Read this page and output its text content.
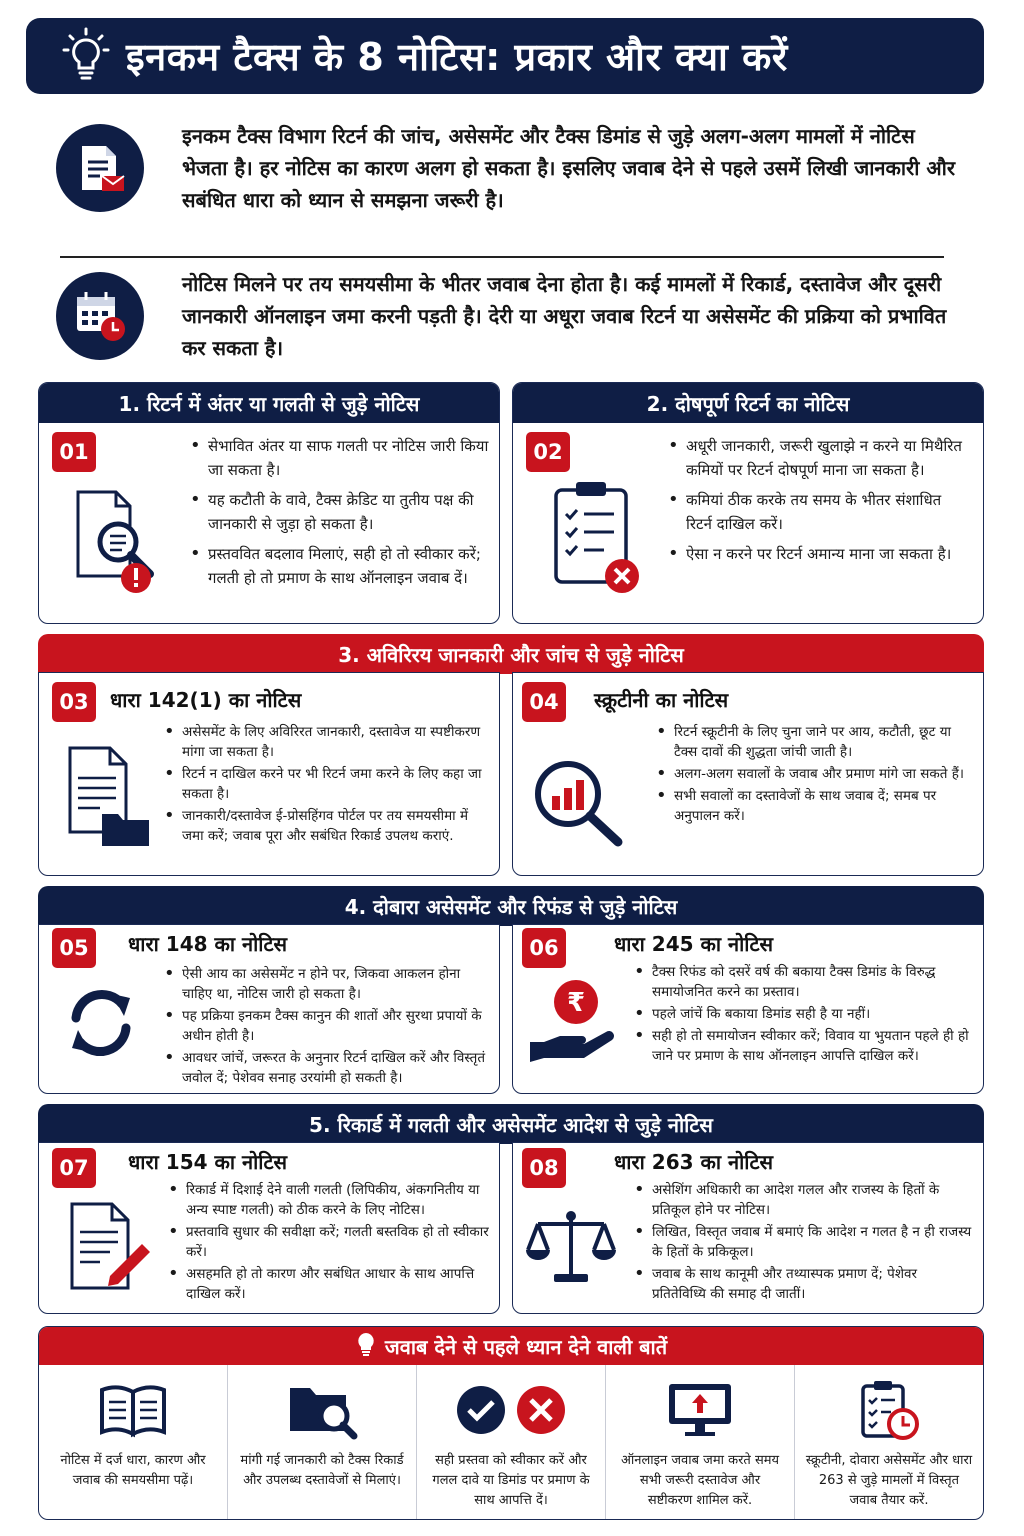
इनकम टैक्स के 8 नोटिस: प्रकार और क्या करें

इनकम टैक्स विभाग रिटर्न की जांच, असेसमेंट और टैक्स डिमांड से जुड़े अलग-अलग मामलों में नोटिस भेजता है। हर नोटिस का कारण अलग हो सकता है। इसलिए जवाब देने से पहले उसमें लिखी जानकारी और सबंधित धारा को ध्यान से समझना जरूरी है।

नोटिस मिलने पर तय समयसीमा के भीतर जवाब देना होता है। कई मामलों में रिकार्ड, दस्तावेज और दूसरी जानकारी ऑनलाइन जमा करनी पड़ती है। देरी या अधूरा जवाब रिटर्न या असेसमेंट की प्रक्रिया को प्रभावित कर सकता है।

1. रिटर्न में अंतर या गलती से जुड़े नोटिस
01	• सेभावित अंतर या साफ गलती पर नोटिस जारी किया जा सकता है।
• यह कटौती के वावे, टैक्स क्रेडिट या तुतीय पक्ष की जानकारी से जुड़ा हो सकता है।
• प्रस्तववित बदलाव मिलाएं, सही हो तो स्वीकार करें; गलती हो तो प्रमाण के साथ ऑनलाइन जवाब दें।
2. दोषपूर्ण रिटर्न का नोटिस
02	• अधूरी जानकारी, जरूरी खुलाझे न करने या मिथैरित कमियों पर रिटर्न दोषपूर्ण माना जा सकता है।
• कमियां ठीक करके तय समय के भीतर संशाधित रिटर्न दाखिल करें।
• ऐसा न करने पर रिटर्न अमान्य माना जा सकता है।
3. अविरिरय जानकारी और जांच से जुड़े नोटिस
03	धारा 142(1) का नोटिस
• असेसमेंट के लिए अविरिरत जानकारी, दस्तावेज या स्पष्टीकरण मांगा जा सकता है।
• रिटर्न न दाखिल करने पर भी रिटर्न जमा करने के लिए कहा जा सकता है।
• जानकारी/दस्तावेज ई-प्रोसहिंगव पोर्टल पर तय समयसीमा में जमा करें; जवाब पूरा और सबंधित रिकार्ड उपलथ कराएं.
04	स्क्रूटीनी का नोटिस
• रिटर्न स्क्रूटीनी के लिए चुना जाने पर आय, कटौती, छूट या टैक्स दावों की शुद्धता जांची जाती है।
• अलग-अलग सवालों के जवाब और प्रमाण मांगे जा सकते हैं।
• सभी सवालों का दस्तावेजों के साथ जवाब दें; समब पर अनुपालन करें।
4. दोबारा असेसमेंट और रिफंड से जुड़े नोटिस
05	धारा 148 का नोटिस
• ऐसी आय का असेसमेंट न होने पर, जिकवा आकलन होना चाहिए था, नोटिस जारी हो सकता है।
• पह प्रक्रिया इनकम टैक्स कानुन की शातों और सुरथा प्रपायों के अधीन होती है।
• आवधर जांचें, जरूरत के अनुनार रिटर्न दाखिल करें और विस्तृतं जवोल दें; पेशेवव सनाह उरयांमी हो सकती है।
06	धारा 245 का नोटिस
₹
• टैक्स रिफंड को दसरें वर्ष की बकाया टैक्स डिमांड के विरुद्ध समायोजनित करने का प्रस्ताव।
• पहले जांचें कि बकाया डिमांड सही है या नहीं।
• सही हो तो समायोजन स्वीकार करें; विवाव या भुयतान पहले ही हो जाने पर प्रमाण के साथ ऑनलाइन आपत्ति दाखिल करें।
5. रिकार्ड में गलती और असेसमेंट आदेश से जुड़े नोटिस
07	धारा 154 का नोटिस
• रिकार्ड में दिशाई देने वाली गलती (लिपिकीय, अंकगनितीय या अन्य स्पाष्ट गलती) को ठीक करने के लिए नोटिस।
• प्रस्तवावि सुधार की सवीक्षा करें; गलती बस्तविक हो तो स्वीकार करें।
• असहमति हो तो कारण और सबंधित आधार के साथ आपत्ति दाखिल करें।
08	धारा 263 का नोटिस
• असेशिंग अधिकारी का आदेश गलल और राजस्य के हितों के प्रतिकूल होने पर नोटिस।
• लिखित, विस्तृत जवाब में बमाएं कि आदेश न गलत है न ही राजस्य के हितों के प्रकिकूल।
• जवाब के साथ कानूमी और तथ्यास्पक प्रमाण दें; पेशेवर प्रतितेविध्यि की समाह दी जातीं।
जवाब देने से पहले ध्यान देने वाली बातें

नोटिस में दर्ज धारा, कारण और जवाब की समयसीमा पढ़ें।

मांगी गई जानकारी को टैक्स रिकार्ड और उपलब्ध दस्तावेजों से मिलाएं।

सही प्रस्तवा को स्वीकार करें और गलल दावे या डिमांड पर प्रमाण के साथ आपत्ति दें।

ऑनलाइन जवाब जमा करते समय सभी जरूरी दस्तावेज और सष्टीकरण शामिल करें.

स्क्रूटीनी, दोवारा असेसमेंट और धारा 263 से जुड़े मामलों में विस्तृत जवाब तैयार करें.
